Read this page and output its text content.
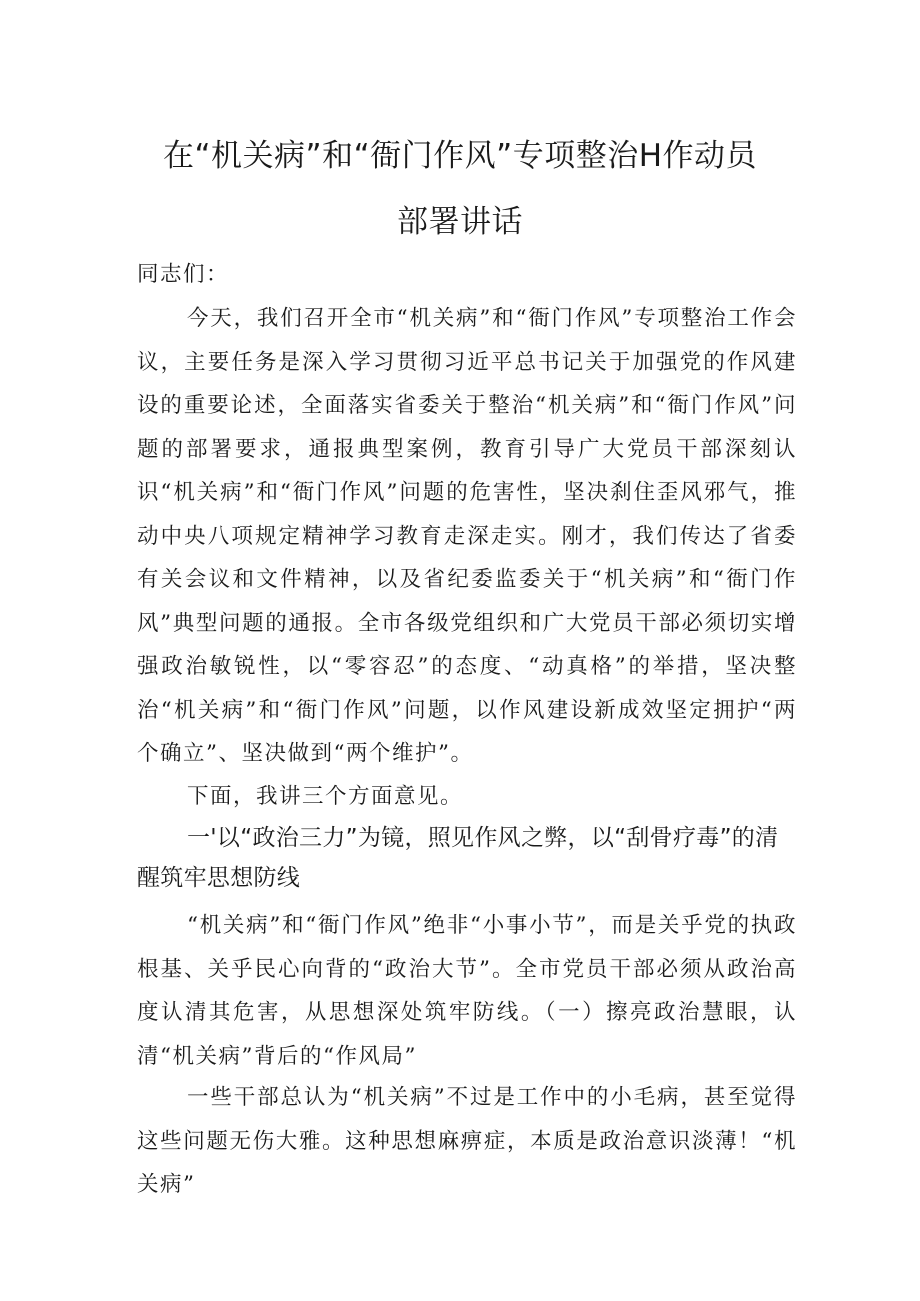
在“机关病”和“衙门作风”专项整治H作动员
部署讲话

同志们：

今天，我们召开全市“机关病”和“衙门作风”专项整治工作会议，主要任务是深入学习贯彻习近平总书记关于加强党的作风建设的重要论述，全面落实省委关于整治“机关病”和“衙门作风”问题的部署要求，通报典型案例，教育引导广大党员干部深刻认识“机关病”和“衙门作风”问题的危害性，坚决刹住歪风邪气，推动中央八项规定精神学习教育走深走实。刚才，我们传达了省委有关会议和文件精神，以及省纪委监委关于“机关病”和“衙门作风”典型问题的通报。全市各级党组织和广大党员干部必须切实增强政治敏锐性，以“零容忍”的态度、“动真格”的举措，坚决整治“机关病”和“衙门作风”问题，以作风建设新成效坚定拥护“两个确立”、坚决做到“两个维护”。

下面，我讲三个方面意见。

一'以“政治三力”为镜，照见作风之弊，以“刮骨疗毒”的清醒筑牢思想防线

“机关病”和“衙门作风”绝非“小事小节”，而是关乎党的执政根基、关乎民心向背的“政治大节”。全市党员干部必须从政治高度认清其危害，从思想深处筑牢防线。（一）擦亮政治慧眼，认清“机关病”背后的“作风局”

一些干部总认为“机关病”不过是工作中的小毛病，甚至觉得这些问题无伤大雅。这种思想麻痹症，本质是政治意识淡薄！“机关病”
